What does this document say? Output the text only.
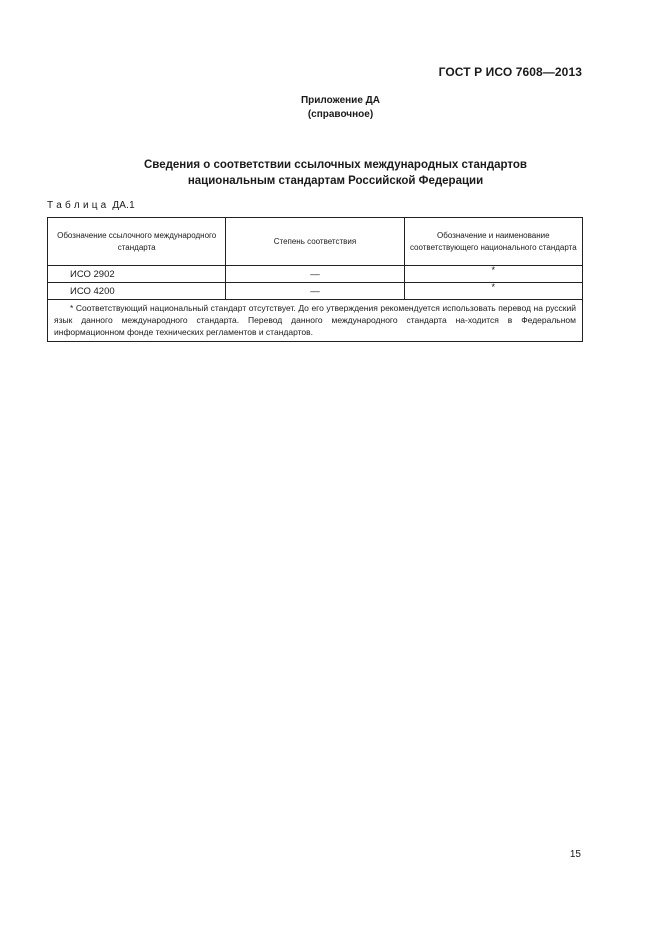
ГОСТ Р ИСО 7608—2013
Приложение ДА
(справочное)
Сведения о соответствии ссылочных международных стандартов
национальным стандартам Российской Федерации
Т а б л и ц а  ДА.1
Обозначение ссылочного международного стандарта	Степень соответствия	Обозначение и наименование соответствующего национального стандарта
ИСО 2902	—	*
ИСО 4200	—	*
* Соответствующий национальный стандарт отсутствует. До его утверждения рекомендуется использовать перевод на русский язык данного международного стандарта. Перевод данного международного стандарта на-ходится в Федеральном информационном фонде технических регламентов и стандартов.		
15
